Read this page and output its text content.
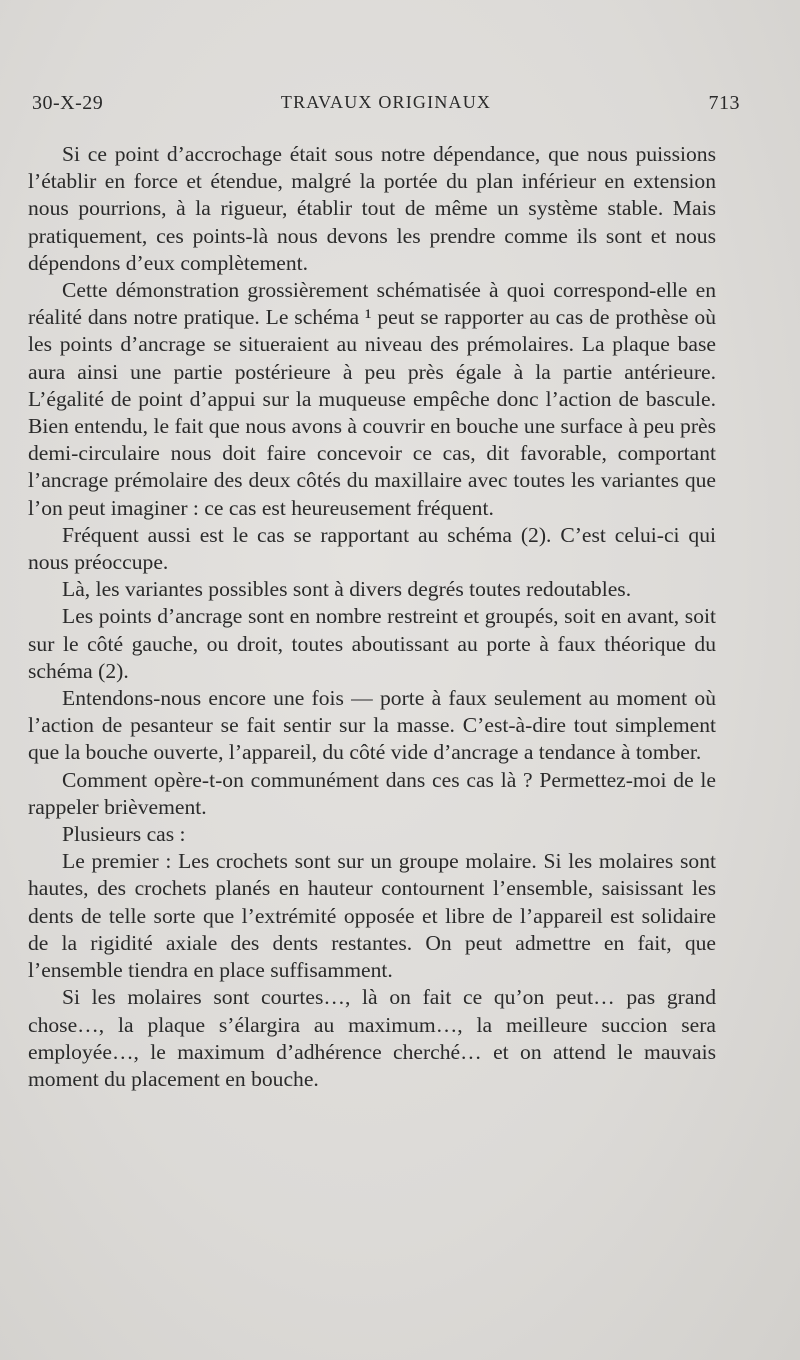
30-X-29	TRAVAUX ORIGINAUX	713

Si ce point d’accrochage était sous notre dépendance, que nous puissions l’établir en force et étendue, malgré la portée du plan inférieur en extension nous pourrions, à la rigueur, établir tout de même un système stable. Mais pratiquement, ces points-là nous devons les prendre comme ils sont et nous dépendons d’eux complètement.

Cette démonstration grossièrement schématisée à quoi correspond-elle en réalité dans notre pratique. Le schéma ¹ peut se rapporter au cas de prothèse où les points d’ancrage se situeraient au niveau des prémolaires. La plaque base aura ainsi une partie postérieure à peu près égale à la partie antérieure. L’égalité de point d’appui sur la muqueuse empêche donc l’action de bascule. Bien entendu, le fait que nous avons à couvrir en bouche une surface à peu près demi-circulaire nous doit faire concevoir ce cas, dit favorable, comportant l’ancrage prémolaire des deux côtés du maxillaire avec toutes les variantes que l’on peut imaginer : ce cas est heureusement fréquent.

Fréquent aussi est le cas se rapportant au schéma (2). C’est celui-ci qui nous préoccupe.

Là, les variantes possibles sont à divers degrés toutes redoutables.

Les points d’ancrage sont en nombre restreint et groupés, soit en avant, soit sur le côté gauche, ou droit, toutes aboutissant au porte à faux théorique du schéma (2).

Entendons-nous encore une fois — porte à faux seulement au moment où l’action de pesanteur se fait sentir sur la masse. C’est-à-dire tout simplement que la bouche ouverte, l’appareil, du côté vide d’ancrage a tendance à tomber.

Comment opère-t-on communément dans ces cas là ? Permettez-moi de le rappeler brièvement.

Plusieurs cas :

Le premier : Les crochets sont sur un groupe molaire. Si les molaires sont hautes, des crochets planés en hauteur contournent l’ensemble, saisissant les dents de telle sorte que l’extrémité opposée et libre de l’appareil est solidaire de la rigidité axiale des dents restantes. On peut admettre en fait, que l’ensemble tiendra en place suffisamment.

Si les molaires sont courtes…, là on fait ce qu’on peut… pas grand chose…, la plaque s’élargira au maximum…, la meilleure succion sera employée…, le maximum d’adhérence cherché… et on attend le mauvais moment du placement en bouche.
